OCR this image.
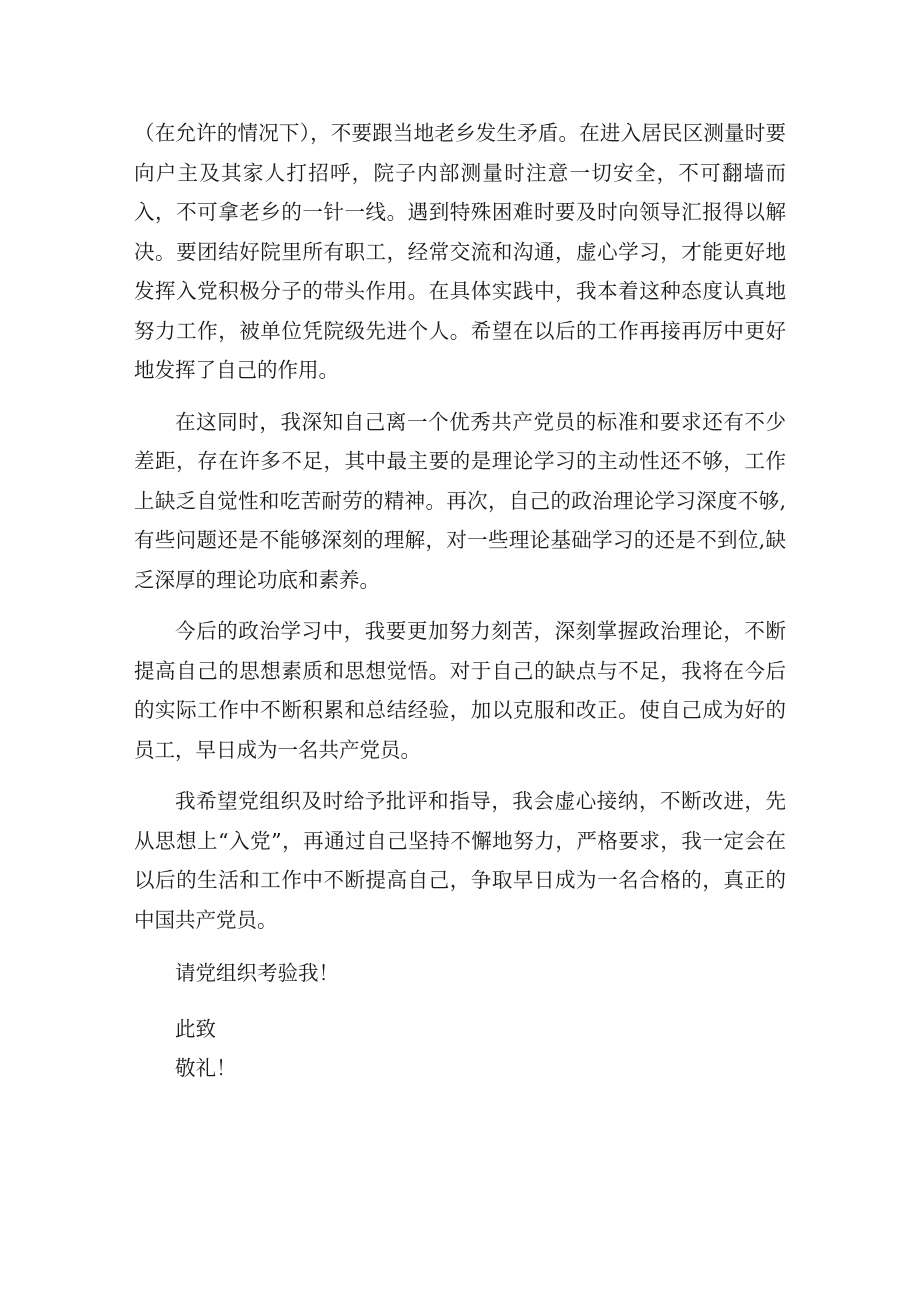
（在允许的情况下），不要跟当地老乡发生矛盾。在进入居民区测量时要向户主及其家人打招呼，院子内部测量时注意一切安全，不可翻墙而入，不可拿老乡的一针一线。遇到特殊困难时要及时向领导汇报得以解决。要团结好院里所有职工，经常交流和沟通，虚心学习，才能更好地发挥入党积极分子的带头作用。在具体实践中，我本着这种态度认真地努力工作，被单位凭院级先进个人。希望在以后的工作再接再厉中更好地发挥了自己的作用。

在这同时，我深知自己离一个优秀共产党员的标准和要求还有不少差距，存在许多不足，其中最主要的是理论学习的主动性还不够，工作上缺乏自觉性和吃苦耐劳的精神。再次，自己的政治理论学习深度不够,有些问题还是不能够深刻的理解，对一些理论基础学习的还是不到位,缺乏深厚的理论功底和素养。

今后的政治学习中，我要更加努力刻苦，深刻掌握政治理论，不断提高自己的思想素质和思想觉悟。对于自己的缺点与不足，我将在今后的实际工作中不断积累和总结经验，加以克服和改正。使自己成为好的员工，早日成为一名共产党员。

我希望党组织及时给予批评和指导，我会虚心接纳，不断改进，先从思想上“入党”，再通过自己坚持不懈地努力，严格要求，我一定会在以后的生活和工作中不断提高自己，争取早日成为一名合格的，真正的中国共产党员。

请党组织考验我！
此致
敬礼！
